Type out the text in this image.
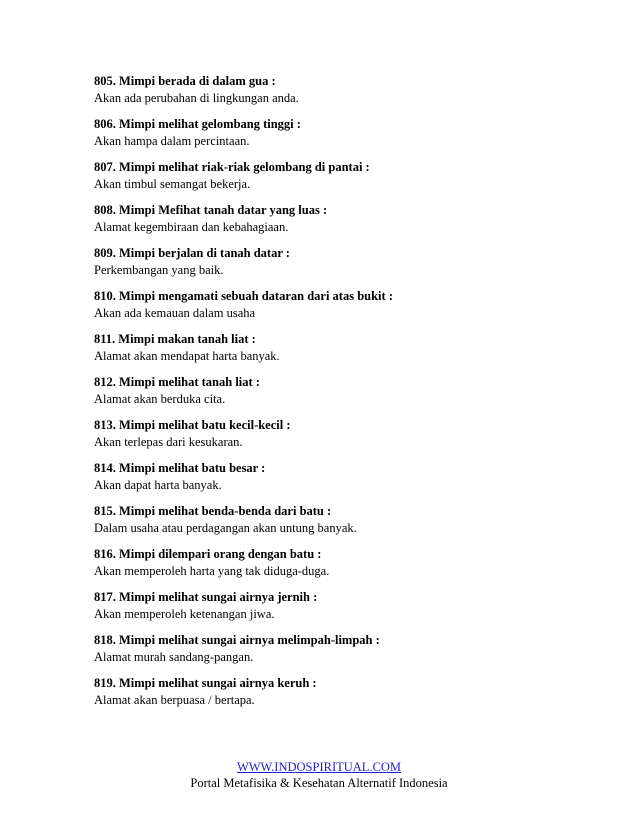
805. Mimpi berada di dalam gua :
Akan ada perubahan di lingkungan anda.
806. Mimpi melihat gelombang tinggi :
Akan hampa dalam percintaan.
807. Mimpi melihat riak-riak gelombang di pantai :
Akan timbul semangat bekerja.
808. Mimpi Mefihat tanah datar yang luas :
Alamat kegembiraan dan kebahagiaan.
809. Mimpi berjalan di tanah datar :
Perkembangan yang baik.
810. Mimpi mengamati sebuah dataran dari atas bukit :
Akan ada kemauan dalam usaha
811. Mimpi makan tanah liat :
Alamat akan mendapat harta banyak.
812. Mimpi melihat tanah liat :
Alamat akan berduka cita.
813. Mimpi melihat batu kecil-kecil :
Akan terlepas dari kesukaran.
814. Mimpi melihat batu besar :
Akan dapat harta banyak.
815. Mimpi melihat benda-benda dari batu :
Dalam usaha atau perdagangan akan untung banyak.
816. Mimpi dilempari orang dengan batu :
Akan memperoleh harta yang tak diduga-duga.
817. Mimpi melihat sungai airnya jernih :
Akan memperoleh ketenangan jiwa.
818. Mimpi melihat sungai airnya melimpah-limpah :
Alamat murah sandang-pangan.
819. Mimpi melihat sungai airnya keruh :
Alamat akan berpuasa / bertapa.
WWW.INDOSPIRITUAL.COM
Portal Metafisika & Kesehatan Alternatif Indonesia
